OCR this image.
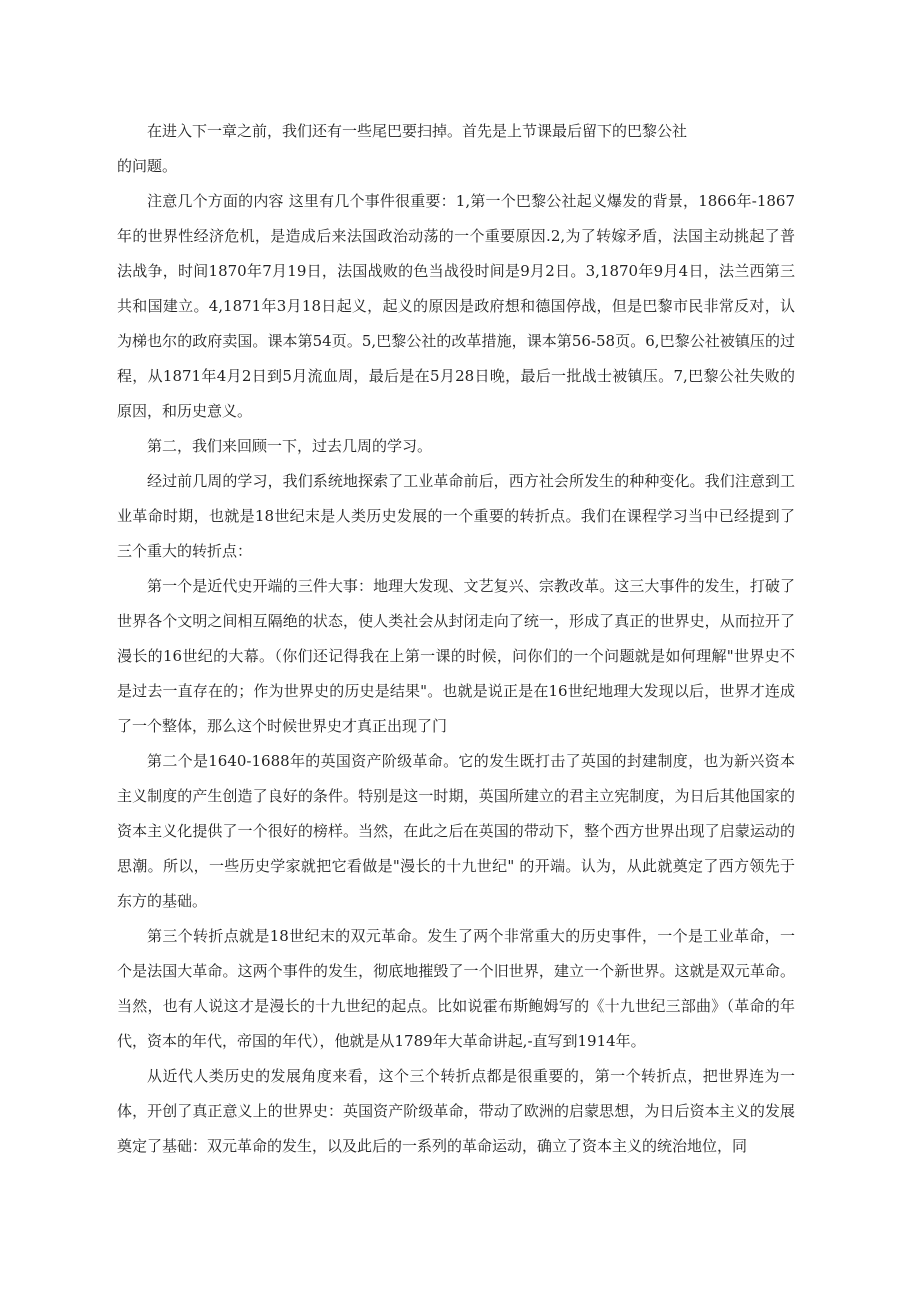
在进入下一章之前，我们还有一些尾巴要扫掉。首先是上节课最后留下的巴黎公社
的问题。

注意几个方面的内容 这里有几个事件很重要：1,第一个巴黎公社起义爆发的背景，1866年-1867年的世界性经济危机，是造成后来法国政治动荡的一个重要原因.2,为了转嫁矛盾，法国主动挑起了普法战争，时间1870年7月19日，法国战败的色当战役时间是9月2日。3,1870年9月4日，法兰西第三共和国建立。4,1871年3月18日起义，起义的原因是政府想和德国停战，但是巴黎市民非常反对，认为梯也尔的政府卖国。课本第54页。5,巴黎公社的改革措施，课本第56-58页。6,巴黎公社被镇压的过程，从1871年4月2日到5月流血周，最后是在5月28日晚，最后一批战士被镇压。7,巴黎公社失败的原因，和历史意义。

第二，我们来回顾一下，过去几周的学习。

经过前几周的学习，我们系统地探索了工业革命前后，西方社会所发生的种种变化。我们注意到工业革命时期，也就是18世纪末是人类历史发展的一个重要的转折点。我们在课程学习当中已经提到了三个重大的转折点：

第一个是近代史开端的三件大事：地理大发现、文艺复兴、宗教改革。这三大事件的发生，打破了世界各个文明之间相互隔绝的状态，使人类社会从封闭走向了统一，形成了真正的世界史，从而拉开了漫长的16世纪的大幕。（你们还记得我在上第一课的时候，问你们的一个问题就是如何理解"世界史不是过去一直存在的；作为世界史的历史是结果"。也就是说正是在16世纪地理大发现以后，世界才连成了一个整体，那么这个时候世界史才真正出现了门

第二个是1640-1688年的英国资产阶级革命。它的发生既打击了英国的封建制度，也为新兴资本主义制度的产生创造了良好的条件。特别是这一时期，英国所建立的君主立宪制度，为日后其他国家的资本主义化提供了一个很好的榜样。当然，在此之后在英国的带动下，整个西方世界出现了启蒙运动的思潮。所以，一些历史学家就把它看做是"漫长的十九世纪" 的开端。认为，从此就奠定了西方领先于东方的基础。

第三个转折点就是18世纪末的双元革命。发生了两个非常重大的历史事件，一个是工业革命，一个是法国大革命。这两个事件的发生，彻底地摧毁了一个旧世界，建立一个新世界。这就是双元革命。当然，也有人说这才是漫长的十九世纪的起点。比如说霍布斯鲍姆写的《十九世纪三部曲》（革命的年代，资本的年代，帝国的年代），他就是从1789年大革命讲起,-直写到1914年。

从近代人类历史的发展角度来看，这个三个转折点都是很重要的，第一个转折点，把世界连为一体，开创了真正意义上的世界史：英国资产阶级革命，带动了欧洲的启蒙思想，为日后资本主义的发展奠定了基础：双元革命的发生，以及此后的一系列的革命运动，确立了资本主义的统治地位，同
